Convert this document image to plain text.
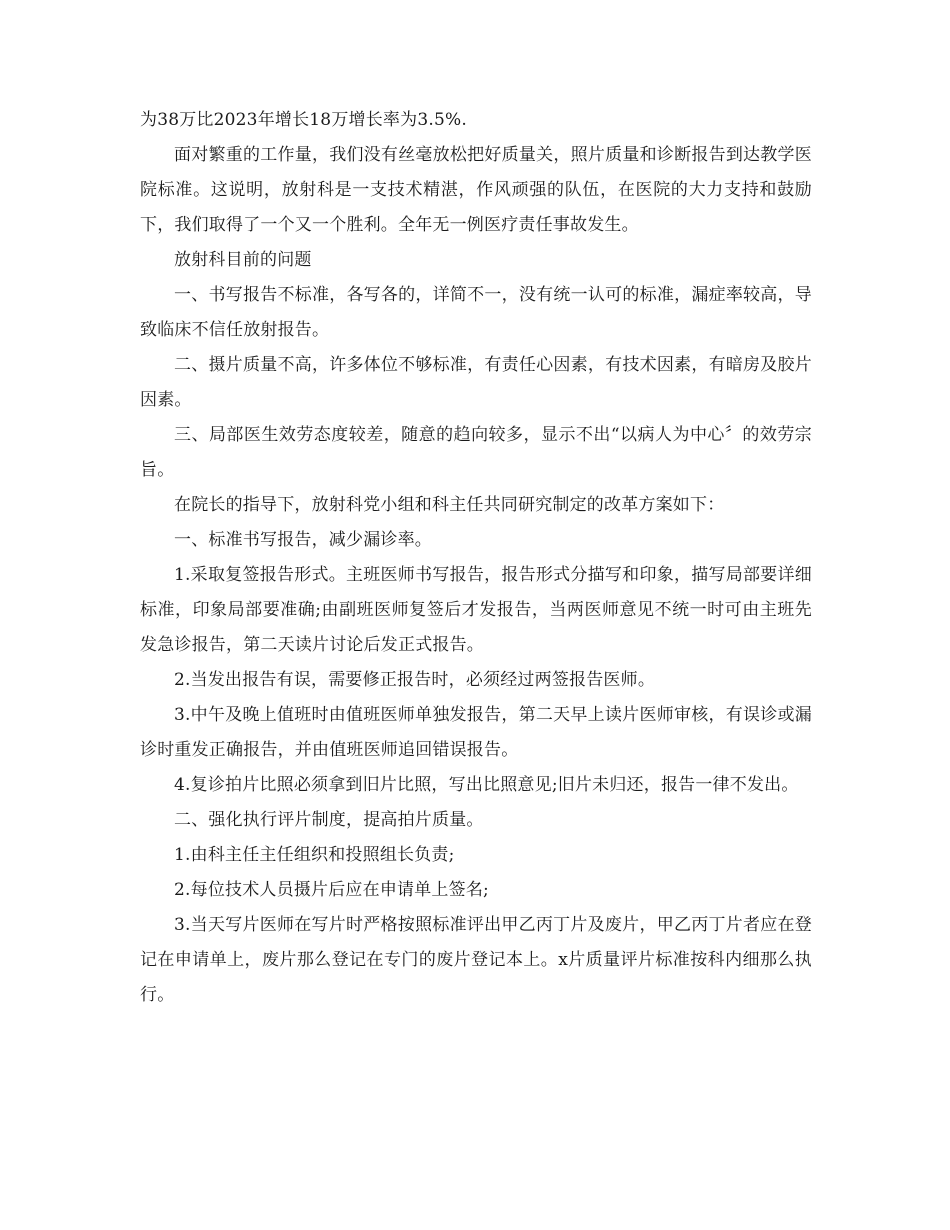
为38万比2023年增长18万增长率为3.5%.

面对繁重的工作量，我们没有丝毫放松把好质量关，照片质量和诊断报告到达教学医院标准。这说明，放射科是一支技术精湛，作风顽强的队伍，在医院的大力支持和鼓励下，我们取得了一个又一个胜利。全年无一例医疗责任事故发生。

放射科目前的问题

一、书写报告不标准，各写各的，详简不一，没有统一认可的标准，漏症率较高，导致临床不信任放射报告。

二、摄片质量不高，许多体位不够标准，有责任心因素，有技术因素，有暗房及胶片因素。

三、局部医生效劳态度较差，随意的趋向较多，显示不出“以病人为中心〞的效劳宗旨。

在院长的指导下，放射科党小组和科主任共同研究制定的改革方案如下：

一、标准书写报告，减少漏诊率。

1.采取复签报告形式。主班医师书写报告，报告形式分描写和印象，描写局部要详细标准，印象局部要准确;由副班医师复签后才发报告，当两医师意见不统一时可由主班先发急诊报告，第二天读片讨论后发正式报告。

2.当发出报告有误，需要修正报告时，必须经过两签报告医师。

3.中午及晚上值班时由值班医师单独发报告，第二天早上读片医师审核，有误诊或漏诊时重发正确报告，并由值班医师追回错误报告。

4.复诊拍片比照必须拿到旧片比照，写出比照意见;旧片未归还，报告一律不发出。

二、强化执行评片制度，提高拍片质量。

1.由科主任主任组织和投照组长负责;

2.每位技术人员摄片后应在申请单上签名;

3.当天写片医师在写片时严格按照标准评出甲乙丙丁片及废片，甲乙丙丁片者应在登记在申请单上，废片那么登记在专门的废片登记本上。x片质量评片标准按科内细那么执行。
